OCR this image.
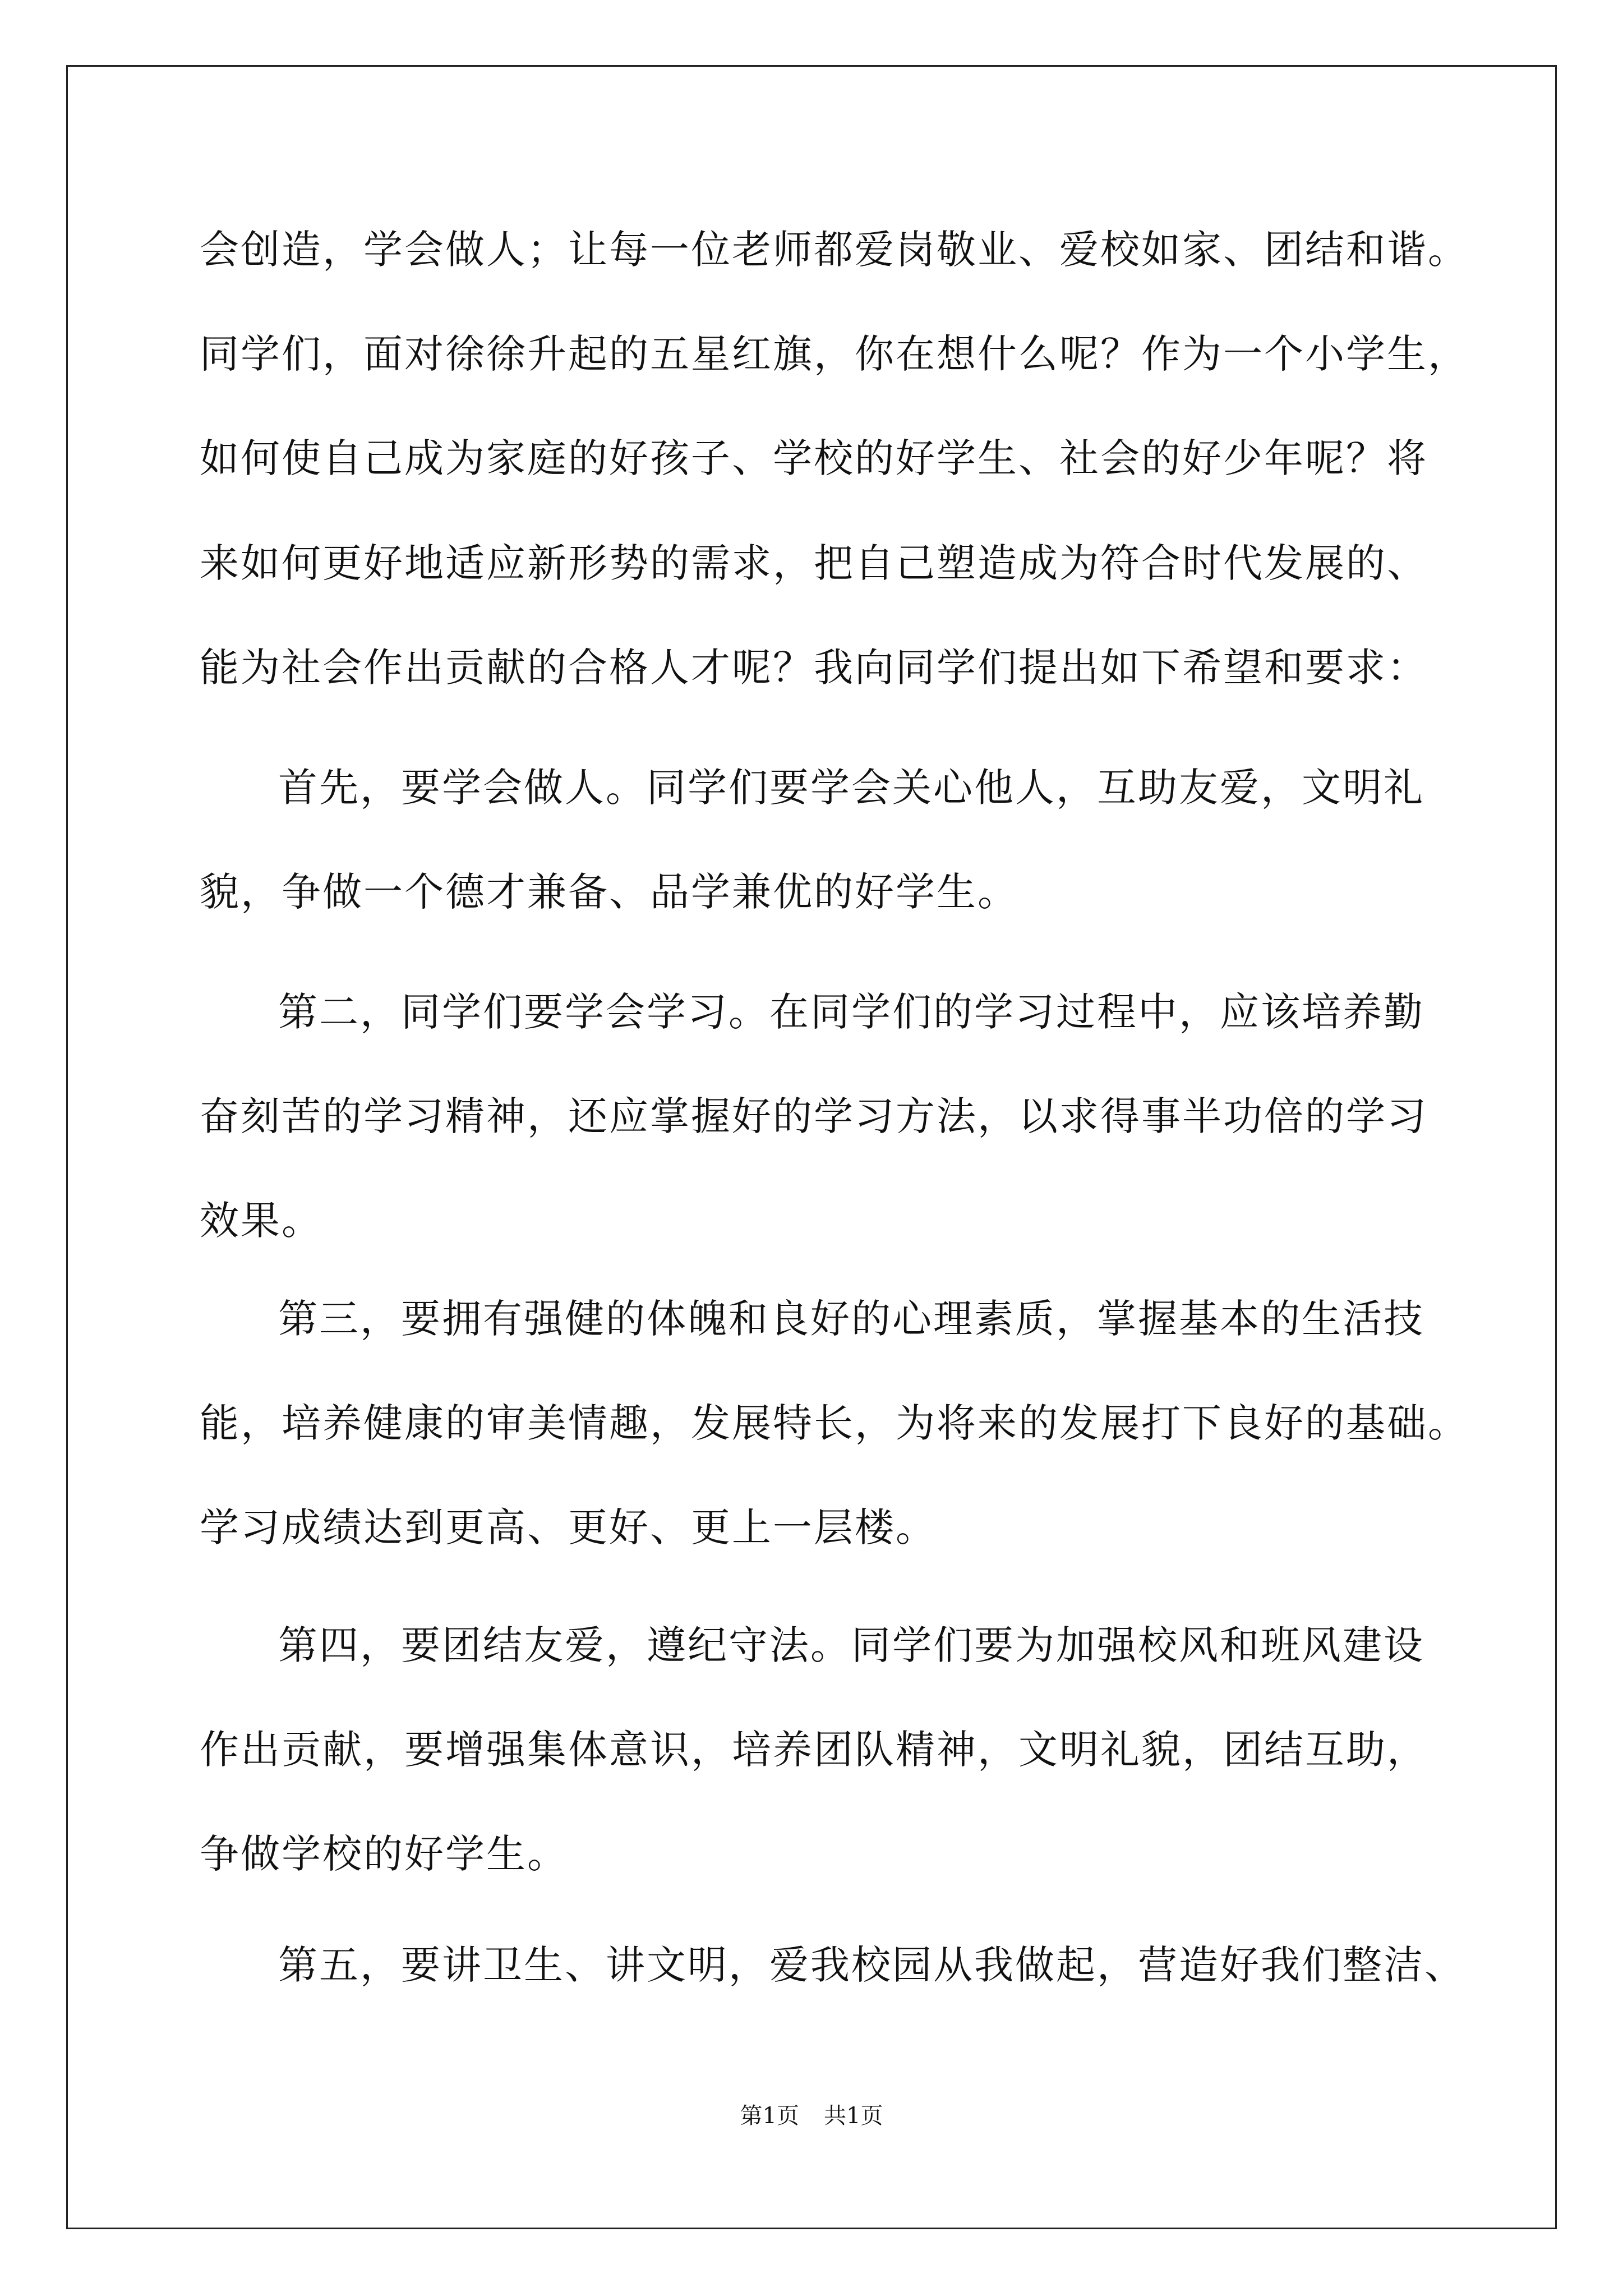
会创造，学会做人；让每一位老师都爱岗敬业、爱校如家、团结和谐。
同学们，面对徐徐升起的五星红旗，你在想什么呢？作为一个小学生，
如何使自己成为家庭的好孩子、学校的好学生、社会的好少年呢？将
来如何更好地适应新形势的需求，把自己塑造成为符合时代发展的、
能为社会作出贡献的合格人才呢？我向同学们提出如下希望和要求：
首先，要学会做人。同学们要学会关心他人，互助友爱，文明礼
貌，争做一个德才兼备、品学兼优的好学生。
第二，同学们要学会学习。在同学们的学习过程中，应该培养勤
奋刻苦的学习精神，还应掌握好的学习方法，以求得事半功倍的学习
效果。
第三，要拥有强健的体魄和良好的心理素质，掌握基本的生活技
能，培养健康的审美情趣，发展特长，为将来的发展打下良好的基础。
学习成绩达到更高、更好、更上一层楼。
第四，要团结友爱，遵纪守法。同学们要为加强校风和班风建设
作出贡献，要增强集体意识，培养团队精神，文明礼貌，团结互助，
争做学校的好学生。
第五，要讲卫生、讲文明，爱我校园从我做起，营造好我们整洁、
第1页 共1页
